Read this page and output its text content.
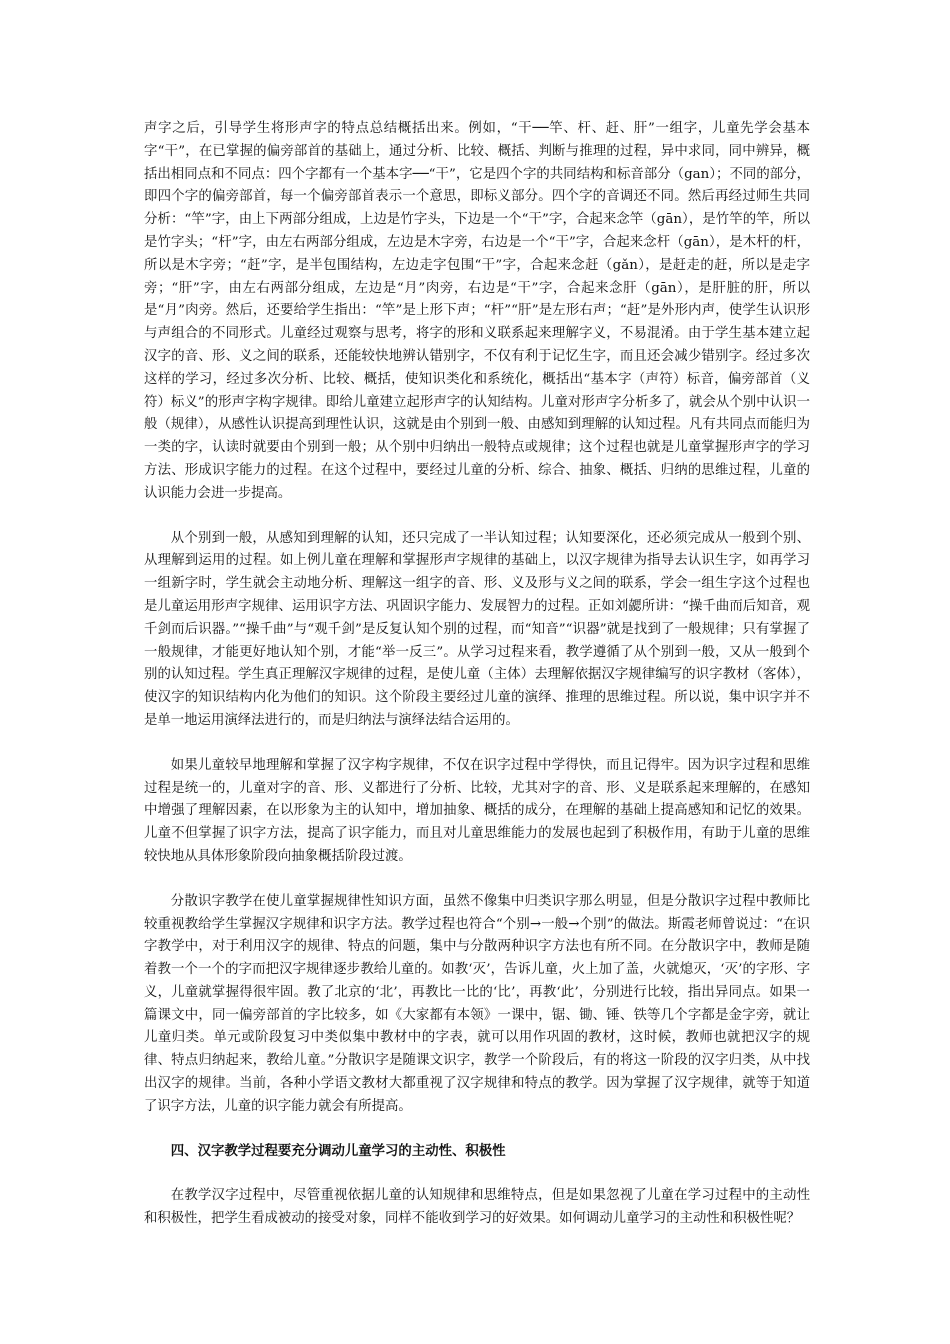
声字之后，引导学生将形声字的特点总结概括出来。例如，“干──竿、杆、赶、肝”一组字，儿童先学会基本字“干”，在已掌握的偏旁部首的基础上，通过分析、比较、概括、判断与推理的过程，异中求同，同中辨异，概括出相同点和不同点：四个字都有一个基本字──“干”，它是四个字的共同结构和标音部分（gan）；不同的部分，即四个字的偏旁部首，每一个偏旁部首表示一个意思，即标义部分。四个字的音调还不同。然后再经过师生共同分析：“竿”字，由上下两部分组成，上边是竹字头，下边是一个“干”字，合起来念竿（gān），是竹竿的竿，所以是竹字头；“杆”字，由左右两部分组成，左边是木字旁，右边是一个“干”字，合起来念杆（gān），是木杆的杆，所以是木字旁；“赶”字，是半包围结构，左边走字包围“干”字，合起来念赶（gǎn），是赶走的赶，所以是走字旁；“肝”字，由左右两部分组成，左边是“月”肉旁，右边是“干”字，合起来念肝（gān），是肝脏的肝，所以是“月”肉旁。然后，还要给学生指出：“竿”是上形下声；“杆”“肝”是左形右声；“赶”是外形内声，使学生认识形与声组合的不同形式。儿童经过观察与思考，将字的形和义联系起来理解字义，不易混淆。由于学生基本建立起汉字的音、形、义之间的联系，还能较快地辨认错别字，不仅有利于记忆生字，而且还会减少错别字。经过多次这样的学习，经过多次分析、比较、概括，使知识类化和系统化，概括出“基本字（声符）标音，偏旁部首（义符）标义”的形声字构字规律。即给儿童建立起形声字的认知结构。儿童对形声字分析多了，就会从个别中认识一般（规律），从感性认识提高到理性认识，这就是由个别到一般、由感知到理解的认知过程。凡有共同点而能归为一类的字，认读时就要由个别到一般；从个别中归纳出一般特点或规律；这个过程也就是儿童掌握形声字的学习方法、形成识字能力的过程。在这个过程中，要经过儿童的分析、综合、抽象、概括、归纳的思维过程，儿童的认识能力会进一步提高。

从个别到一般，从感知到理解的认知，还只完成了一半认知过程；认知要深化，还必须完成从一般到个别、从理解到运用的过程。如上例儿童在理解和掌握形声字规律的基础上，以汉字规律为指导去认识生字，如再学习一组新字时，学生就会主动地分析、理解这一组字的音、形、义及形与义之间的联系，学会一组生字这个过程也是儿童运用形声字规律、运用识字方法、巩固识字能力、发展智力的过程。正如刘勰所讲：“操千曲而后知音，观千剑而后识器。”“操千曲”与“观千剑”是反复认知个别的过程，而“知音”“识器”就是找到了一般规律；只有掌握了一般规律，才能更好地认知个别，才能“举一反三”。从学习过程来看，教学遵循了从个别到一般，又从一般到个别的认知过程。学生真正理解汉字规律的过程，是使儿童（主体）去理解依据汉字规律编写的识字教材（客体），使汉字的知识结构内化为他们的知识。这个阶段主要经过儿童的演绎、推理的思维过程。所以说，集中识字并不是单一地运用演绎法进行的，而是归纳法与演绎法结合运用的。

如果儿童较早地理解和掌握了汉字构字规律，不仅在识字过程中学得快，而且记得牢。因为识字过程和思维过程是统一的，儿童对字的音、形、义都进行了分析、比较，尤其对字的音、形、义是联系起来理解的，在感知中增强了理解因素，在以形象为主的认知中，增加抽象、概括的成分，在理解的基础上提高感知和记忆的效果。儿童不但掌握了识字方法，提高了识字能力，而且对儿童思维能力的发展也起到了积极作用，有助于儿童的思维较快地从具体形象阶段向抽象概括阶段过渡。

分散识字教学在使儿童掌握规律性知识方面，虽然不像集中归类识字那么明显，但是分散识字过程中教师比较重视教给学生掌握汉字规律和识字方法。教学过程也符合“个别→一般→个别”的做法。斯霞老师曾说过：“在识字教学中，对于利用汉字的规律、特点的问题，集中与分散两种识字方法也有所不同。在分散识字中，教师是随着教一个一个的字而把汉字规律逐步教给儿童的。如教‘灭’，告诉儿童，火上加了盖，火就熄灭，‘灭’的字形、字义，儿童就掌握得很牢固。教了北京的‘北’，再教比一比的‘比’，再教‘此’，分别进行比较，指出异同点。如果一篇课文中，同一偏旁部首的字比较多，如《大家都有本领》一课中，锯、锄、锤、铁等几个字都是金字旁，就让儿童归类。单元或阶段复习中类似集中教材中的字表，就可以用作巩固的教材，这时候，教师也就把汉字的规律、特点归纳起来，教给儿童。”分散识字是随课文识字，教学一个阶段后，有的将这一阶段的汉字归类，从中找出汉字的规律。当前，各种小学语文教材大都重视了汉字规律和特点的教学。因为掌握了汉字规律，就等于知道了识字方法，儿童的识字能力就会有所提高。

四、汉字教学过程要充分调动儿童学习的主动性、积极性

在教学汉字过程中，尽管重视依据儿童的认知规律和思维特点，但是如果忽视了儿童在学习过程中的主动性和积极性，把学生看成被动的接受对象，同样不能收到学习的好效果。如何调动儿童学习的主动性和积极性呢？
